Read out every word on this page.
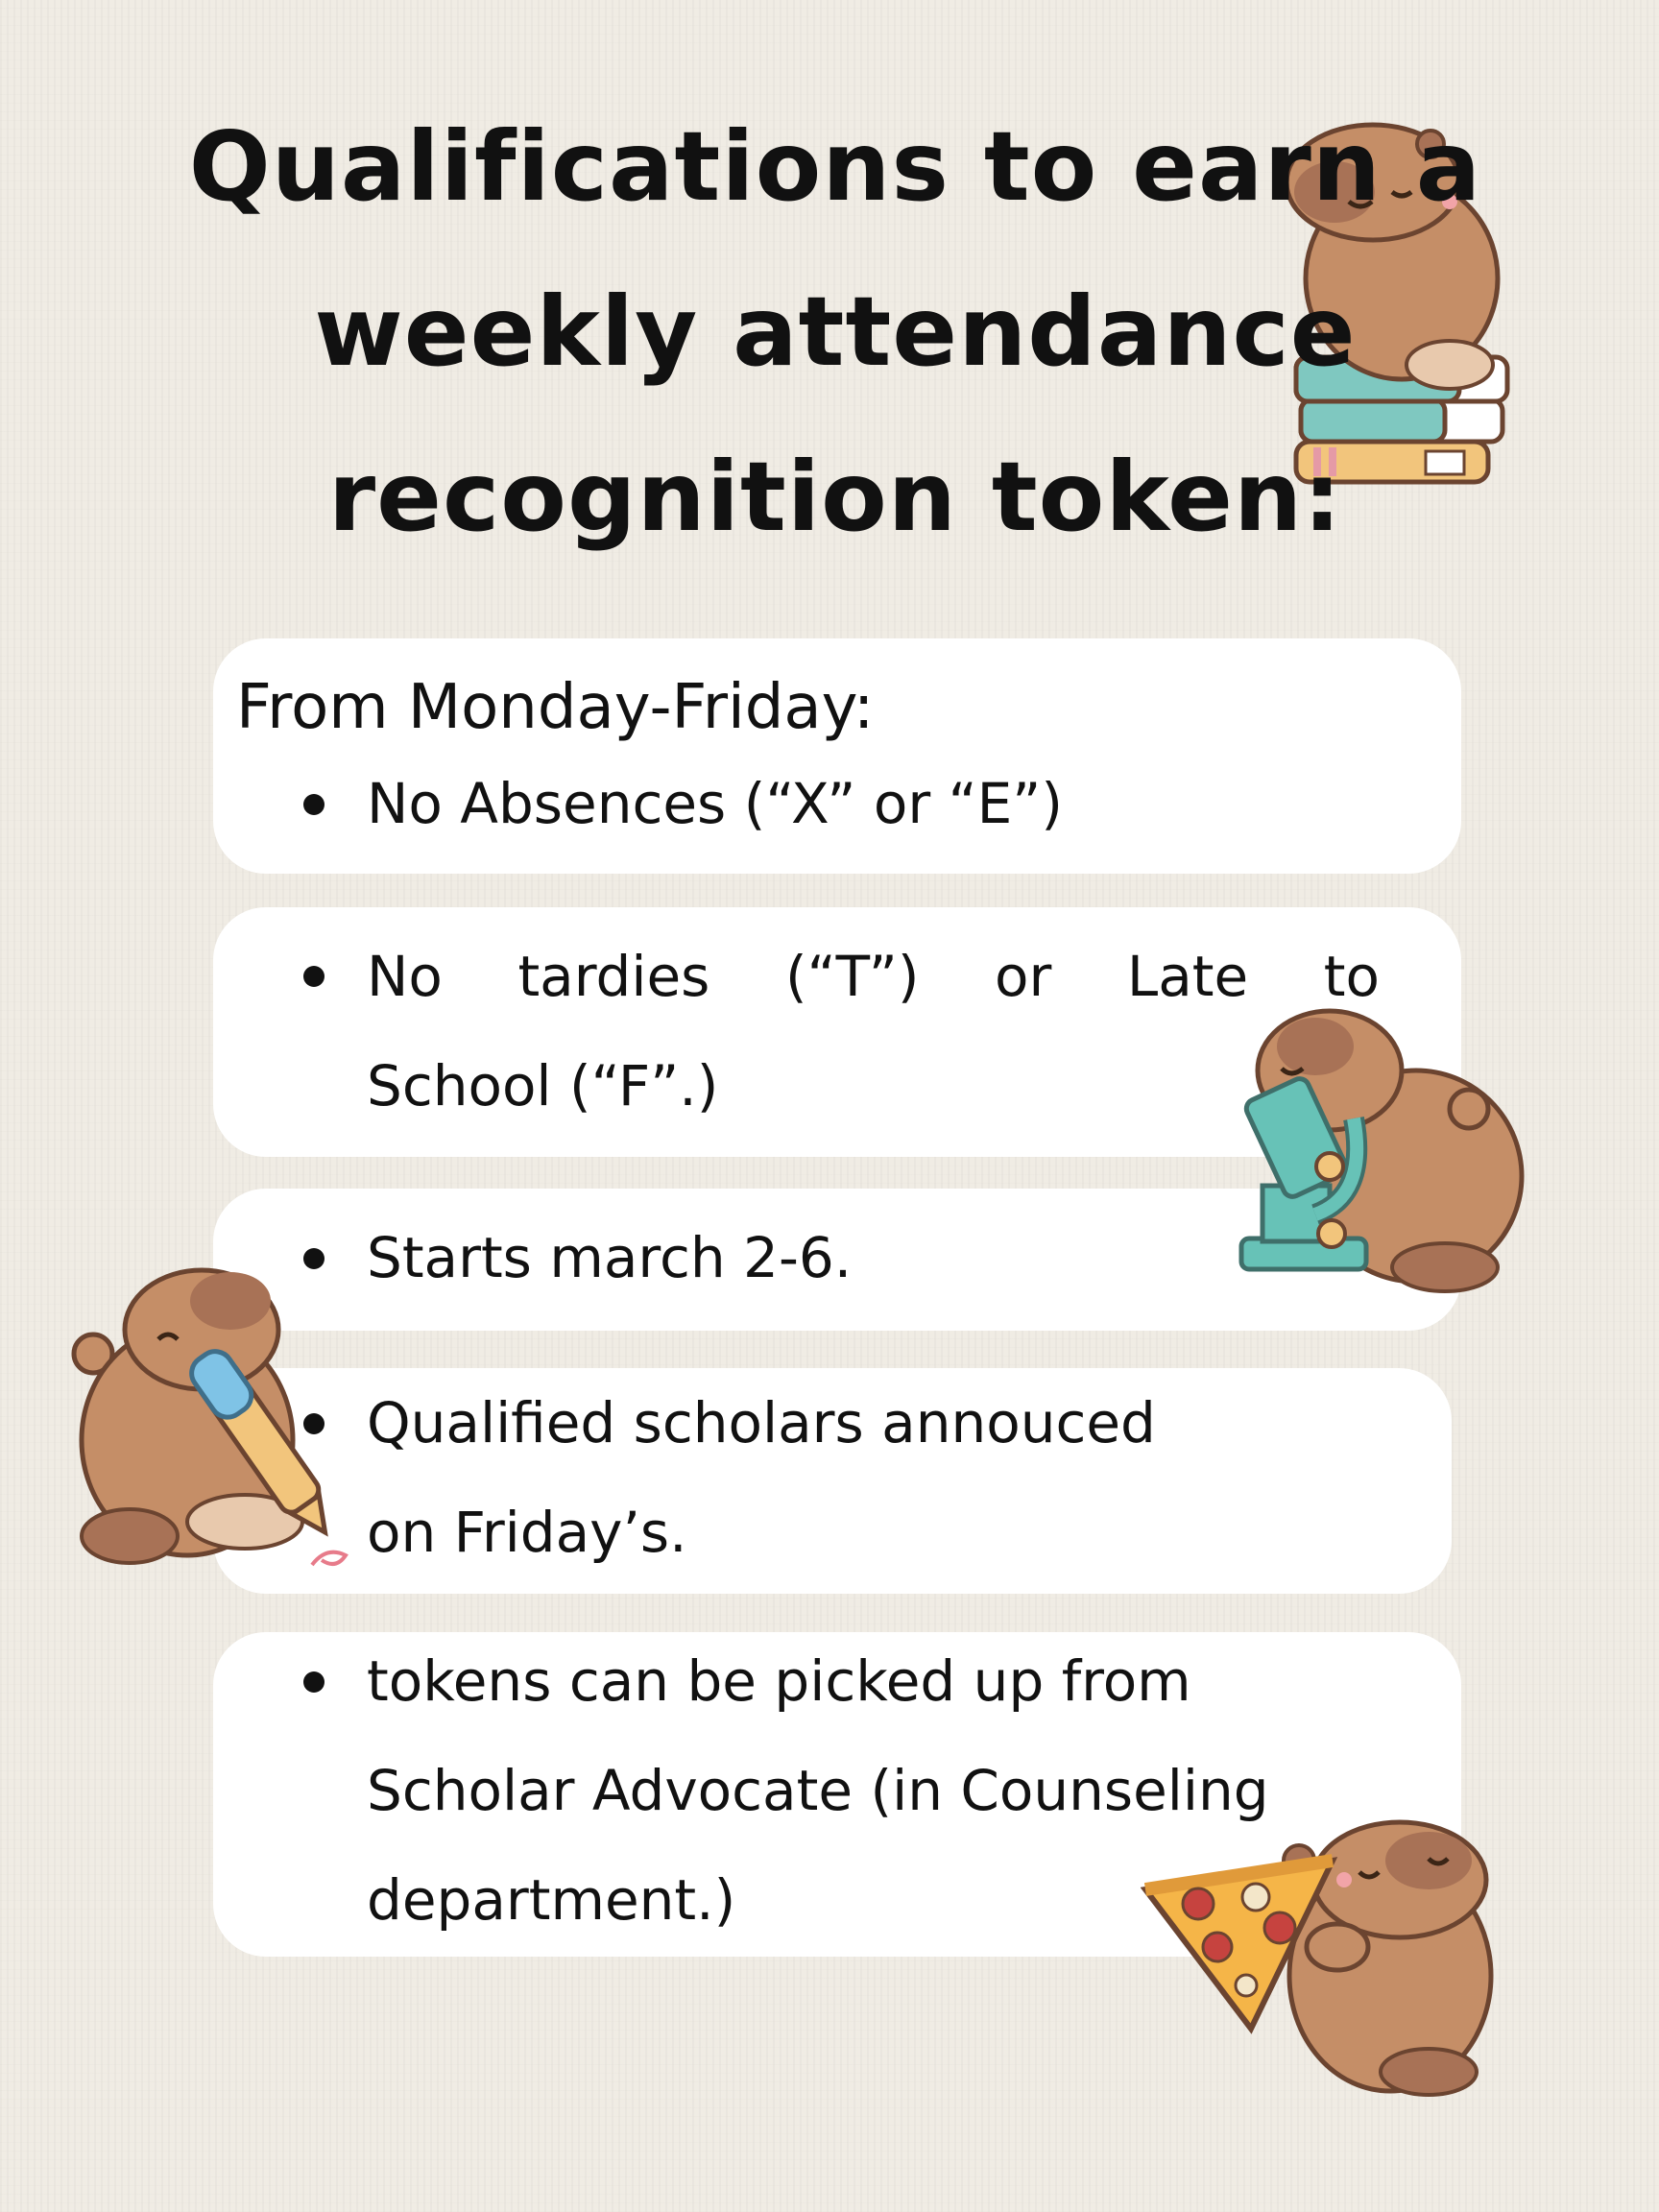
Qualifications to earn a
weekly attendance
recognition token:
From Monday-Friday:
No Absences (“X” or “E”)
No tardies (“T”) or Late to
School (“F”.)
Starts march 2-6.
Qualified scholars annouced
on Friday’s.
tokens can be picked up from
Scholar Advocate (in Counseling
department.)
